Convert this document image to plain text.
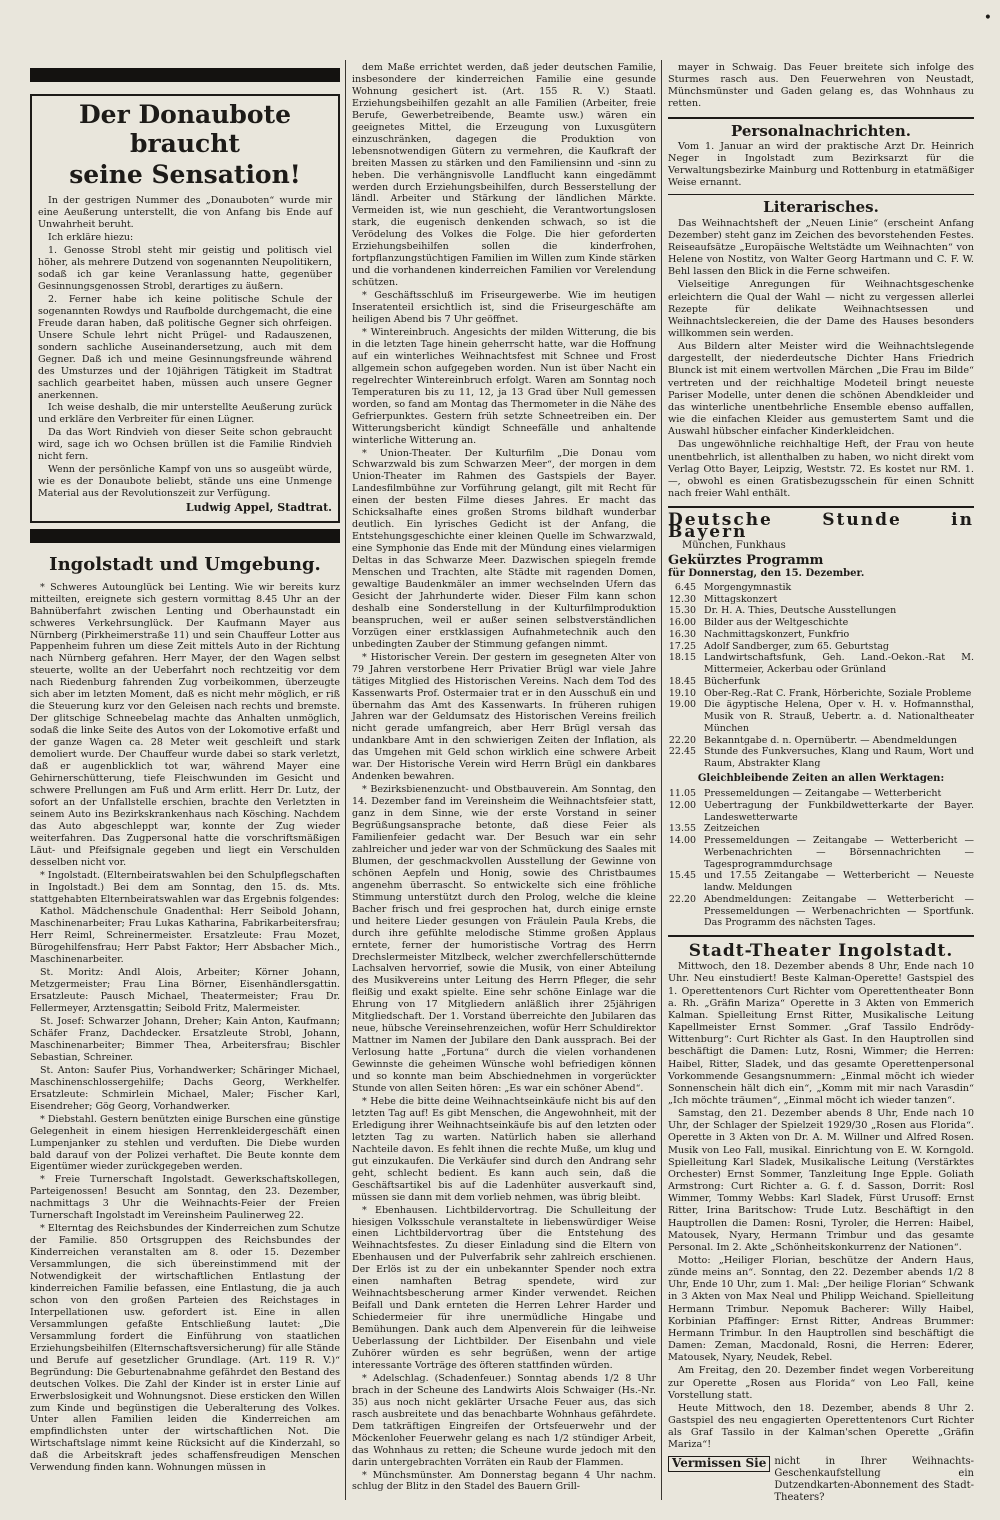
•
Der Donaubote braucht
seine Sensation!
In der gestrigen Nummer des „Donauboten“ wurde mir eine Aeußerung unterstellt, die von Anfang bis Ende auf Unwahrheit beruht.
Ich erkläre hiezu:
1. Genosse Strobl steht mir geistig und politisch viel höher, als mehrere Dutzend von sogenannten Neupolitikern, sodaß ich gar keine Veranlassung hatte, gegenüber Gesinnungsgenossen Strobl, derartiges zu äußern.
2. Ferner habe ich keine politische Schule der sogenannten Rowdys und Raufbolde durchgemacht, die eine Freude daran haben, daß politische Gegner sich ohrfeigen. Unsere Schule lehrt nicht Prügel- und Radauszenen, sondern sachliche Auseinandersetzung, auch mit dem Gegner. Daß ich und meine Gesinnungsfreunde während des Umsturzes und der 10jährigen Tätigkeit im Stadtrat sachlich gearbeitet haben, müssen auch unsere Gegner anerkennen.
Ich weise deshalb, die mir unterstellte Aeußerung zurück und erkläre den Verbreiter für einen Lügner.
Da das Wort Rindvieh von dieser Seite schon gebraucht wird, sage ich wo Ochsen brüllen ist die Familie Rindvieh nicht fern.
Wenn der persönliche Kampf von uns so ausgeübt würde, wie es der Donaubote beliebt, stände uns eine Unmenge Material aus der Revolutionszeit zur Verfügung.
Ludwig Appel, Stadtrat.
Ingolstadt und Umgebung.
* Schweres Autounglück bei Lenting. Wie wir bereits kurz mitteilten, ereignete sich gestern vormittag 8.45 Uhr an der Bahnüberfahrt zwischen Lenting und Oberhaunstadt ein schweres Verkehrsunglück. Der Kaufmann Mayer aus Nürnberg (Pirkheimerstraße 11) und sein Chauffeur Lotter aus Pappenheim fuhren um diese Zeit mittels Auto in der Richtung nach Nürnberg gefahren. Herr Mayer, der den Wagen selbst steuerte, wollte an der Ueberfahrt noch rechtzeitig vor dem nach Riedenburg fahrenden Zug vorbeikommen, überzeugte sich aber im letzten Moment, daß es nicht mehr möglich, er riß die Steuerung kurz vor den Geleisen nach rechts und bremste. Der glitschige Schneebelag machte das Anhalten unmöglich, sodaß die linke Seite des Autos von der Lokomotive erfaßt und der ganze Wagen ca. 28 Meter weit geschleift und stark demoliert wurde. Der Chauffeur wurde dabei so stark verletzt, daß er augenblicklich tot war, während Mayer eine Gehirnerschütterung, tiefe Fleischwunden im Gesicht und schwere Prellungen am Fuß und Arm erlitt. Herr Dr. Lutz, der sofort an der Unfallstelle erschien, brachte den Verletzten in seinem Auto ins Bezirkskrankenhaus nach Kösching. Nachdem das Auto abgeschleppt war, konnte der Zug wieder weiterfahren. Das Zugpersonal hatte die vorschriftsmäßigen Läut- und Pfeifsignale gegeben und liegt ein Verschulden desselben nicht vor.
* Ingolstadt. (Elternbeiratswahlen bei den Schulpflegschaften in Ingolstadt.) Bei dem am Sonntag, den 15. ds. Mts. stattgehabten Elternbeiratswahlen war das Ergebnis folgendes:
Kathol. Mädchenschule Gnadenthal: Herr Seibold Johann, Maschinenarbeiter; Frau Lukas Katharina, Fabrikarbeitersfrau; Herr Reiml, Schreinermeister. Ersatzleute: Frau Mozet, Bürogehilfensfrau; Herr Pabst Faktor; Herr Absbacher Mich., Maschinenarbeiter.
St. Moritz: Andl Alois, Arbeiter; Körner Johann, Metzgermeister; Frau Lina Börner, Eisenhändlersgattin. Ersatzleute: Pausch Michael, Theatermeister; Frau Dr. Fellermeyer, Arztensgattin; Seibold Fritz, Malermeister.
St. Josef: Schwarzer Johann, Dreher; Kain Anton, Kaufmann; Schäfer Franz, Dachdecker. Ersatzleute Strobl, Johann, Maschinenarbeiter; Bimmer Thea, Arbeitersfrau; Bischler Sebastian, Schreiner.
St. Anton: Saufer Pius, Vorhandwerker; Schäringer Michael, Maschinenschlossergehilfe; Dachs Georg, Werkhelfer. Ersatzleute: Schmirlein Michael, Maler; Fischer Karl, Eisendreher; Gög Georg, Vorhandwerker.
* Diebstahl. Gestern benützten einige Burschen eine günstige Gelegenheit in einem hiesigen Herrenkleidergeschäft einen Lumpenjanker zu stehlen und verduften. Die Diebe wurden bald darauf von der Polizei verhaftet. Die Beute konnte dem Eigentümer wieder zurückgegeben werden.
* Freie Turnerschaft Ingolstadt. Gewerkschaftskollegen, Parteigenossen! Besucht am Sonntag, den 23. Dezember, nachmittags 3 Uhr die Weihnachts-Feier der Freien Turnerschaft Ingolstadt im Vereinsheim Paulinerweg 22.
* Elterntag des Reichsbundes der Kinderreichen zum Schutze der Familie. 850 Ortsgruppen des Reichsbundes der Kinderreichen veranstalten am 8. oder 15. Dezember Versammlungen, die sich übereinstimmend mit der Notwendigkeit der wirtschaftlichen Entlastung der kinderreichen Familie befassen, eine Entlastung, die ja auch schon von den großen Parteien des Reichstages in Interpellationen usw. gefordert ist. Eine in allen Versammlungen gefaßte Entschließung lautet: „Die Versammlung fordert die Einführung von staatlichen Erziehungsbeihilfen (Elternschaftsversicherung) für alle Stände und Berufe auf gesetzlicher Grundlage. (Art. 119 R. V.)“ Begründung: Die Geburtenabnahme gefährdet den Bestand des deutschen Volkes. Die Zahl der Kinder ist in erster Linie auf Erwerbslosigkeit und Wohnungsnot. Diese ersticken den Willen zum Kinde und begünstigen die Ueberalterung des Volkes. Unter allen Familien leiden die Kinderreichen am empfindlichsten unter der wirtschaftlichen Not. Die Wirtschaftslage nimmt keine Rücksicht auf die Kinderzahl, so daß die Arbeitskraft jedes schaffensfreudigen Menschen Verwendung finden kann. Wohnungen müssen in
dem Maße errichtet werden, daß jeder deutschen Familie, insbesondere der kinderreichen Familie eine gesunde Wohnung gesichert ist. (Art. 155 R. V.) Staatl. Erziehungsbeihilfen gezahlt an alle Familien (Arbeiter, freie Berufe, Gewerbetreibende, Beamte usw.) wären ein geeignetes Mittel, die Erzeugung von Luxusgütern einzuschränken, dagegen die Produktion von lebensnotwendigen Gütern zu vermehren, die Kaufkraft der breiten Massen zu stärken und den Familiensinn und -sinn zu heben. Die verhängnisvolle Landflucht kann eingedämmt werden durch Erziehungsbeihilfen, durch Besserstellung der ländl. Arbeiter und Stärkung der ländlichen Märkte. Vermeiden ist, wie nun geschieht, die Verantwortungslosen stark, die eugenisch denkenden schwach, so ist die Verödelung des Volkes die Folge. Die hier geforderten Erziehungsbeihilfen sollen die kinderfrohen, fortpflanzungstüchtigen Familien im Willen zum Kinde stärken und die vorhandenen kinderreichen Familien vor Verelendung schützen.
* Geschäftsschluß im Friseurgewerbe. Wie im heutigen Inseratenteil ersichtlich ist, sind die Friseurgeschäfte am heiligen Abend bis 7 Uhr geöffnet.
* Wintereinbruch. Angesichts der milden Witterung, die bis in die letzten Tage hinein geherrscht hatte, war die Hoffnung auf ein winterliches Weihnachtsfest mit Schnee und Frost allgemein schon aufgegeben worden. Nun ist über Nacht ein regelrechter Wintereinbruch erfolgt. Waren am Sonntag noch Temperaturen bis zu 11, 12, ja 13 Grad über Null gemessen worden, so fand am Montag das Thermometer in die Nähe des Gefrierpunktes. Gestern früh setzte Schneetreiben ein. Der Witterungsbericht kündigt Schneefälle und anhaltende winterliche Witterung an.
* Union-Theater. Der Kulturfilm „Die Donau vom Schwarzwald bis zum Schwarzen Meer“, der morgen in dem Union-Theater im Rahmen des Gastspiels der Bayer. Landesfilmbühne zur Vorführung gelangt, gilt mit Recht für einen der besten Filme dieses Jahres. Er macht das Schicksalhafte eines großen Stroms bildhaft wunderbar deutlich. Ein lyrisches Gedicht ist der Anfang, die Entstehungsgeschichte einer kleinen Quelle im Schwarzwald, eine Symphonie das Ende mit der Mündung eines vielarmigen Deltas in das Schwarze Meer. Dazwischen spiegeln fremde Menschen und Trachten, alte Städte mit ragenden Domen, gewaltige Baudenkmäler an immer wechselnden Ufern das Gesicht der Jahrhunderte wider. Dieser Film kann schon deshalb eine Sonderstellung in der Kulturfilmproduktion beanspruchen, weil er außer seinen selbstverständlichen Vorzügen einer erstklassigen Aufnahmetechnik auch den unbedingten Zauber der Stimmung gefangen nimmt.
* Historischer Verein. Der gestern im gesegneten Alter von 79 Jahren verstorbene Herr Privatier Brügl war viele Jahre tätiges Mitglied des Historischen Vereins. Nach dem Tod des Kassenwarts Prof. Ostermaier trat er in den Ausschuß ein und übernahm das Amt des Kassenwarts. In früheren ruhigen Jahren war der Geldumsatz des Historischen Vereins freilich nicht gerade umfangreich, aber Herr Brügl versah das undankbare Amt in den schwierigen Zeiten der Inflation, als das Umgehen mit Geld schon wirklich eine schwere Arbeit war. Der Historische Verein wird Herrn Brügl ein dankbares Andenken bewahren.
* Bezirksbienenzucht- und Obstbauverein. Am Sonntag, den 14. Dezember fand im Vereinsheim die Weihnachtsfeier statt, ganz in dem Sinne, wie der erste Vorstand in seiner Begrüßungsansprache betonte, daß diese Feier als Familienfeier gedacht war. Der Besuch war ein sehr zahlreicher und jeder war von der Schmückung des Saales mit Blumen, der geschmackvollen Ausstellung der Gewinne von schönen Aepfeln und Honig, sowie des Christbaumes angenehm überrascht. So entwickelte sich eine fröhliche Stimmung unterstützt durch den Prolog, welche die kleine Bacher frisch und frei gesprochen hat, durch einige ernste und heitere Lieder gesungen von Fräulein Paula Krebs, die durch ihre gefühlte melodische Stimme großen Applaus erntete, ferner der humoristische Vortrag des Herrn Drechslermeister Mitzlbeck, welcher zwerchfellerschütternde Lachsalven hervorrief, sowie die Musik, von einer Abteilung des Musikvereins unter Leitung des Herrn Pfleger, die sehr fleißig und exakt spielte. Eine sehr schöne Einlage war die Ehrung von 17 Mitgliedern anläßlich ihrer 25jährigen Mitgliedschaft. Der 1. Vorstand überreichte den Jubilaren das neue, hübsche Vereinsehrenzeichen, wofür Herr Schuldirektor Mattner im Namen der Jubilare den Dank aussprach. Bei der Verlosung hatte „Fortuna“ durch die vielen vorhandenen Gewinnste die geheimen Wünsche wohl befriedigen können und so konnte man beim Abschiednehmen in vorgerückter Stunde von allen Seiten hören: „Es war ein schöner Abend“.
* Hebe die bitte deine Weihnachtseinkäufe nicht bis auf den letzten Tag auf! Es gibt Menschen, die Angewohnheit, mit der Erledigung ihrer Weihnachtseinkäufe bis auf den letzten oder letzten Tag zu warten. Natürlich haben sie allerhand Nachteile davon. Es fehlt ihnen die rechte Muße, um klug und gut einzukaufen. Die Verkäufer sind durch den Andrang sehr geht, schlecht bedient. Es kann auch sein, daß die Geschäftsartikel bis auf die Ladenhüter ausverkauft sind, müssen sie dann mit dem vorlieb nehmen, was übrig bleibt.
* Ebenhausen. Lichtbildervortrag. Die Schulleitung der hiesigen Volksschule veranstaltete in liebenswürdiger Weise einen Lichtbildervortrag über die Entstehung des Weihnachtsfestes. Zu dieser Einladung sind die Eltern von Ebenhausen und der Pulverfabrik sehr zahlreich erschienen. Der Erlös ist zu der ein unbekannter Spender noch extra einen namhaften Betrag spendete, wird zur Weihnachtsbescherung armer Kinder verwendet. Reichen Beifall und Dank ernteten die Herren Lehrer Harder und Schiedermeier für ihre unermüdliche Hingabe und Bemühungen. Dank auch dem Alpenverein für die leihweise Ueberlassung der Lichtbilder. Der Eisenbahn und viele Zuhörer würden es sehr begrüßen, wenn der artige interessante Vorträge des öfteren stattfinden würden.
* Adelschlag. (Schadenfeuer.) Sonntag abends 1/2 8 Uhr brach in der Scheune des Landwirts Alois Schwaiger (Hs.-Nr. 35) aus noch nicht geklärter Ursache Feuer aus, das sich rasch ausbreitete und das benachbarte Wohnhaus gefährdete. Dem tatkräftigen Eingreifen der Ortsfeuerwehr und der Möckenloher Feuerwehr gelang es nach 1/2 stündiger Arbeit, das Wohnhaus zu retten; die Scheune wurde jedoch mit den darin untergebrachten Vorräten ein Raub der Flammen.
* Münchsmünster. Am Donnerstag begann 4 Uhr nachm. schlug der Blitz in den Stadel des Bauern Grill-
mayer in Schwaig. Das Feuer breitete sich infolge des Sturmes rasch aus. Den Feuerwehren von Neustadt, Münchsmünster und Gaden gelang es, das Wohnhaus zu retten.
Personalnachrichten.
Vom 1. Januar an wird der praktische Arzt Dr. Heinrich Neger in Ingolstadt zum Bezirksarzt für die Verwaltungsbezirke Mainburg und Rottenburg in etatmäßiger Weise ernannt.
Literarisches.
Das Weihnachtsheft der „Neuen Linie“ (erscheint Anfang Dezember) steht ganz im Zeichen des bevorstehenden Festes. Reiseaufsätze „Europäische Weltstädte um Weihnachten“ von Helene von Nostitz, von Walter Georg Hartmann und C. F. W. Behl lassen den Blick in die Ferne schweifen.
Vielseitige Anregungen für Weihnachtsgeschenke erleichtern die Qual der Wahl — nicht zu vergessen allerlei Rezepte für delikate Weihnachtsessen und Weihnachtsleckereien, die der Dame des Hauses besonders willkommen sein werden.
Aus Bildern alter Meister wird die Weihnachtslegende dargestellt, der niederdeutsche Dichter Hans Friedrich Blunck ist mit einem wertvollen Märchen „Die Frau im Bilde“ vertreten und der reichhaltige Modeteil bringt neueste Pariser Modelle, unter denen die schönen Abendkleider und das winterliche unentbehrliche Ensemble ebenso auffallen, wie die einfachen Kleider aus gemustertem Samt und die Auswahl hübscher einfacher Kinderkleidchen.
Das ungewöhnliche reichhaltige Heft, der Frau von heute unentbehrlich, ist allenthalben zu haben, wo nicht direkt vom Verlag Otto Bayer, Leipzig, Weststr. 72. Es kostet nur RM. 1.—, obwohl es einen Gratisbezugsschein für einen Schnitt nach freier Wahl enthält.
Deutsche Stunde in Bayern
München, Funkhaus
Gekürztes Programm
für Donnerstag, den 15. Dezember.
6.45 Morgengymnastik
12.30 Mittagskonzert
15.30 Dr. H. A. Thies, Deutsche Ausstellungen
16.00 Bilder aus der Weltgeschichte
16.30 Nachmittagskonzert, Funkfrio
17.25 Adolf Sandberger, zum 65. Geburtstag
18.15 Landwirtschaftsfunk, Geh. Land.-Oekon.-Rat M. Mittermeier, Ackerbau oder Grünland
18.45 Bücherfunk
19.10 Ober-Reg.-Rat C. Frank, Hörberichte, Soziale Probleme
19.00 Die ägyptische Helena, Oper v. H. v. Hofmannsthal, Musik von R. Strauß, Uebertr. a. d. Nationaltheater München
22.20 Bekanntgabe d. n. Opernübertr. — Abendmeldungen
22.45 Stunde des Funkversuches, Klang und Raum, Wort und Raum, Abstrakter Klang
Gleichbleibende Zeiten an allen Werktagen:
11.05 Pressemeldungen — Zeitangabe — Wetterbericht
12.00 Uebertragung der Funkbildwetterkarte der Bayer. Landeswetterwarte
13.55 Zeitzeichen
14.00 Pressemeldungen — Zeitangabe — Wetterbericht — Werbenachrichten — Börsennachrichten — Tagesprogrammdurchsage
15.45 und 17.55 Zeitangabe — Wetterbericht — Neueste landw. Meldungen
22.20 Abendmeldungen: Zeitangabe — Wetterbericht — Pressemeldungen — Werbenachrichten — Sportfunk. Das Programm des nächsten Tages.
Stadt-Theater Ingolstadt.
Mittwoch, den 18. Dezember abends 8 Uhr, Ende nach 10 Uhr. Neu einstudiert! Beste Kalman-Operette! Gastspiel des 1. Operettentenors Curt Richter vom Operettentheater Bonn a. Rh. „Gräfin Mariza“ Operette in 3 Akten von Emmerich Kalman. Spielleitung Ernst Ritter, Musikalische Leitung Kapellmeister Ernst Sommer. „Graf Tassilo Endrödy-Wittenburg“: Curt Richter als Gast. In den Hauptrollen sind beschäftigt die Damen: Lutz, Rosni, Wimmer; die Herren: Haibel, Ritter, Sladek, und das gesamte Operettenpersonal Vorkommende Gesangsnummern: „Einmal möcht ich wieder Sonnenschein hält dich ein“, „Komm mit mir nach Varasdin“ „Ich möchte träumen“, „Einmal möcht ich wieder tanzen“.
Samstag, den 21. Dezember abends 8 Uhr, Ende nach 10 Uhr, der Schlager der Spielzeit 1929/30 „Rosen aus Florida“. Operette in 3 Akten von Dr. A. M. Willner und Alfred Rosen. Musik von Leo Fall, musikal. Einrichtung von E. W. Korngold. Spielleitung Karl Sladek, Musikalische Leitung (Verstärktes Orchester) Ernst Sommer, Tanzleitung Inge Epple. Goliath Armstrong: Curt Richter a. G. f. d. Sasson, Dorrit: Rosl Wimmer, Tommy Webbs: Karl Sladek, Fürst Urusoff: Ernst Ritter, Irina Baritschow: Trude Lutz. Beschäftigt in den Hauptrollen die Damen: Rosni, Tyroler, die Herren: Haibel, Matousek, Nyary, Hermann Trimbur und das gesamte Personal. Im 2. Akte „Schönheitskonkurrenz der Nationen“.
Motto: „Heiliger Florian, beschütze der Andern Haus, zünde meins an“. Sonntag, den 22. Dezember abends 1/2 8 Uhr, Ende 10 Uhr, zum 1. Mal: „Der heilige Florian“ Schwank in 3 Akten von Max Neal und Philipp Weichand. Spielleitung Hermann Trimbur. Nepomuk Bacherer: Willy Haibel, Korbinian Pfaffinger: Ernst Ritter, Andreas Brummer: Hermann Trimbur. In den Hauptrollen sind beschäftigt die Damen: Zeman, Macdonald, Rosni, die Herren: Ederer, Matousek, Nyary, Neudek, Rebel.
Am Freitag, den 20. Dezember findet wegen Vorbereitung zur Operette „Rosen aus Florida“ von Leo Fall, keine Vorstellung statt.
Heute Mittwoch, den 18. Dezember, abends 8 Uhr 2. Gastspiel des neu engagierten Operettentenors Curt Richter als Graf Tassilo in der Kalman'schen Operette „Gräfin Mariza“!
Vermissen Sie nicht in Ihrer Weihnachts-Geschenkaufstellung ein Dutzendkarten-Abonnement des Stadt-Theaters?
